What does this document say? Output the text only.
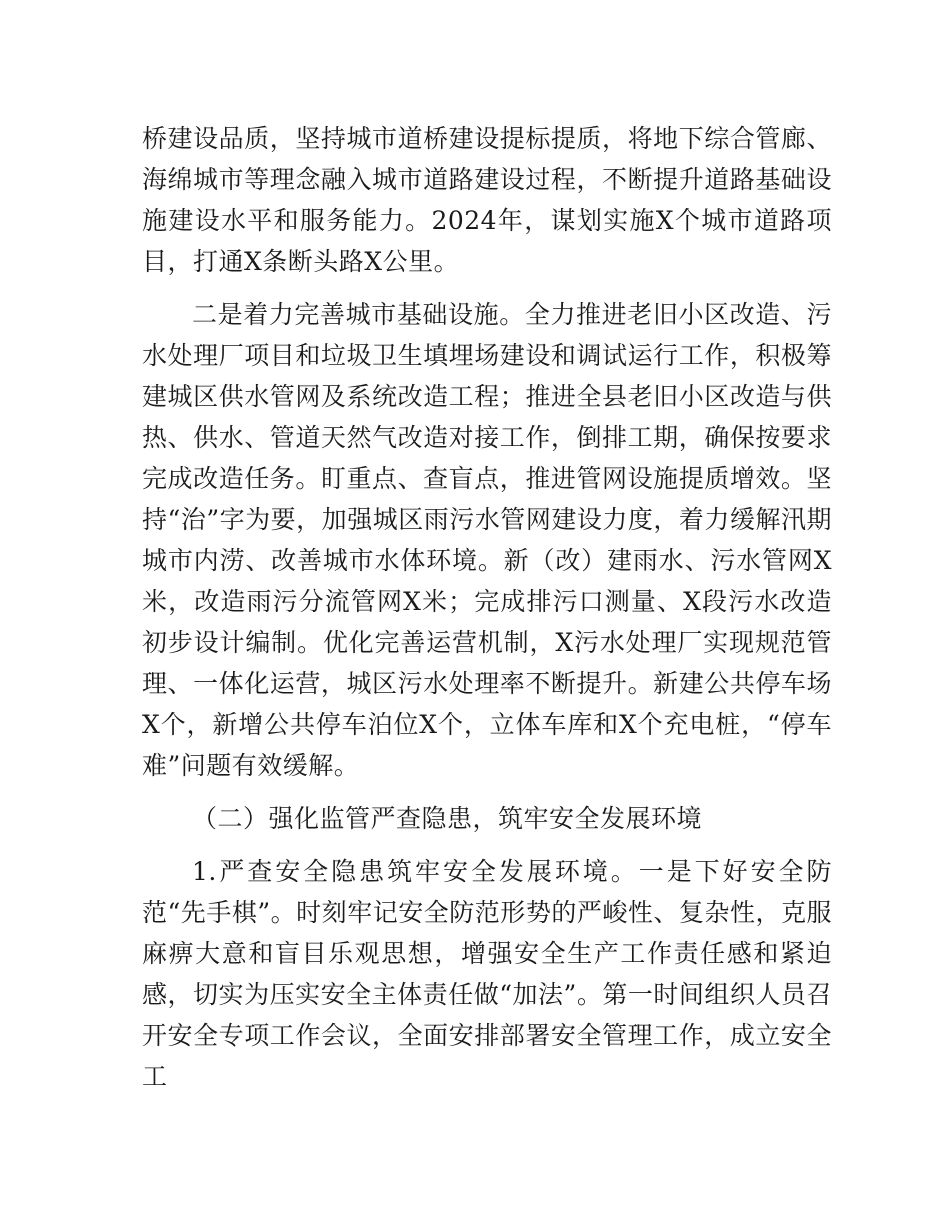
桥建设品质，坚持城市道桥建设提标提质，将地下综合管廊、海绵城市等理念融入城市道路建设过程，不断提升道路基础设施建设水平和服务能力。2024年，谋划实施X个城市道路项目，打通X条断头路X公里。

二是着力完善城市基础设施。全力推进老旧小区改造、污水处理厂项目和垃圾卫生填埋场建设和调试运行工作，积极筹建城区供水管网及系统改造工程；推进全县老旧小区改造与供热、供水、管道天然气改造对接工作，倒排工期，确保按要求完成改造任务。盯重点、查盲点，推进管网设施提质增效。坚持“治”字为要，加强城区雨污水管网建设力度，着力缓解汛期城市内涝、改善城市水体环境。新（改）建雨水、污水管网X米，改造雨污分流管网X米；完成排污口测量、X段污水改造初步设计编制。优化完善运营机制，X污水处理厂实现规范管理、一体化运营，城区污水处理率不断提升。新建公共停车场X个，新增公共停车泊位X个，立体车库和X个充电桩，“停车难”问题有效缓解。

（二）强化监管严查隐患，筑牢安全发展环境

1.严查安全隐患筑牢安全发展环境。一是下好安全防范“先手棋”。时刻牢记安全防范形势的严峻性、复杂性，克服麻痹大意和盲目乐观思想，增强安全生产工作责任感和紧迫感，切实为压实安全主体责任做“加法”。第一时间组织人员召开安全专项工作会议，全面安排部署安全管理工作，成立安全工
